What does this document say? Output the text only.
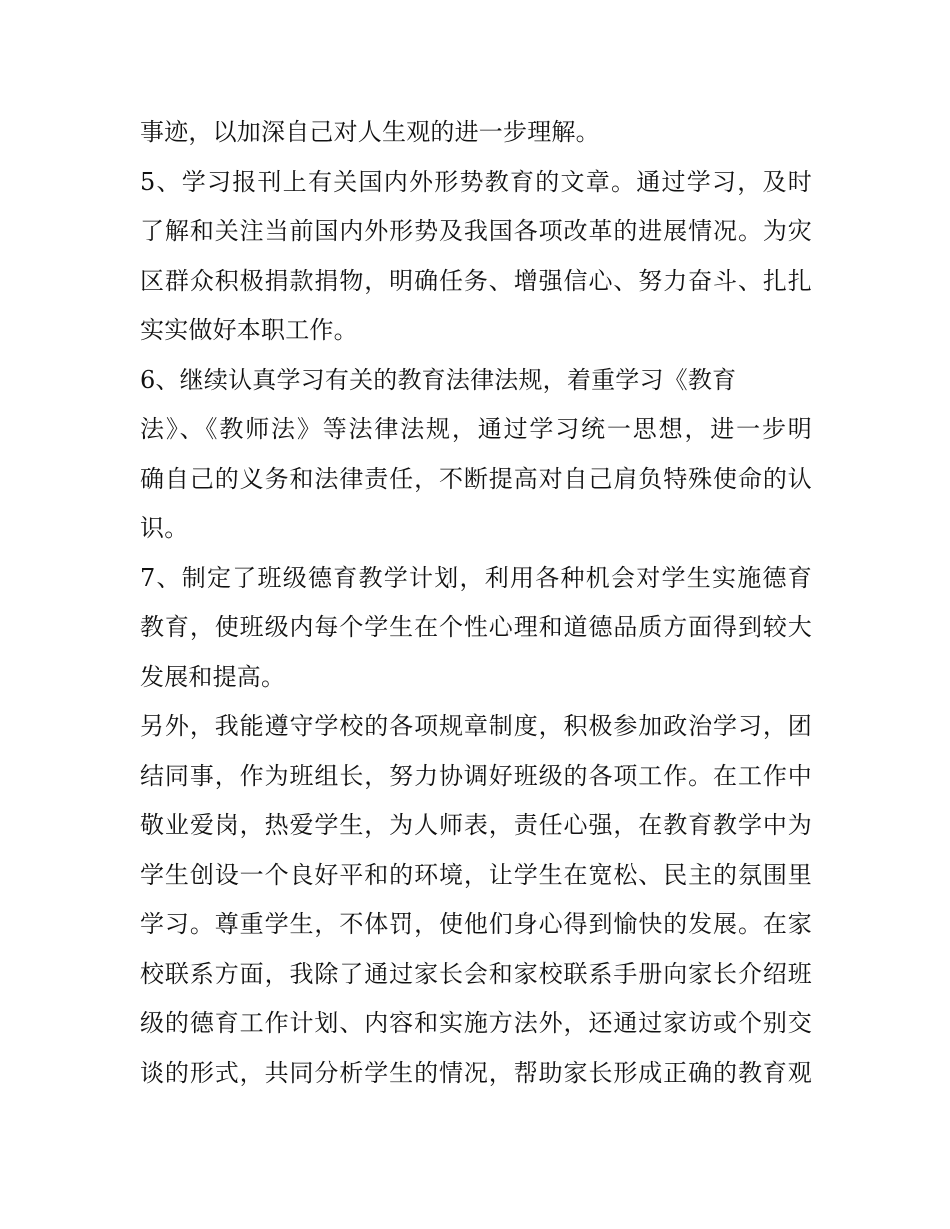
事迹，以加深自己对人生观的进一步理解。
5、学习报刊上有关国内外形势教育的文章。通过学习，及时
了解和关注当前国内外形势及我国各项改革的进展情况。为灾
区群众积极捐款捐物，明确任务、增强信心、努力奋斗、扎扎
实实做好本职工作。
6、继续认真学习有关的教育法律法规，着重学习《教育
法》、《教师法》等法律法规，通过学习统一思想，进一步明
确自己的义务和法律责任，不断提高对自己肩负特殊使命的认
识。
7、制定了班级德育教学计划，利用各种机会对学生实施德育
教育，使班级内每个学生在个性心理和道德品质方面得到较大
发展和提高。
另外，我能遵守学校的各项规章制度，积极参加政治学习，团
结同事，作为班组长，努力协调好班级的各项工作。在工作中
敬业爱岗，热爱学生，为人师表，责任心强，在教育教学中为
学生创设一个良好平和的环境，让学生在宽松、民主的氛围里
学习。尊重学生，不体罚，使他们身心得到愉快的发展。在家
校联系方面，我除了通过家长会和家校联系手册向家长介绍班
级的德育工作计划、内容和实施方法外，还通过家访或个别交
谈的形式，共同分析学生的情况，帮助家长形成正确的教育观
